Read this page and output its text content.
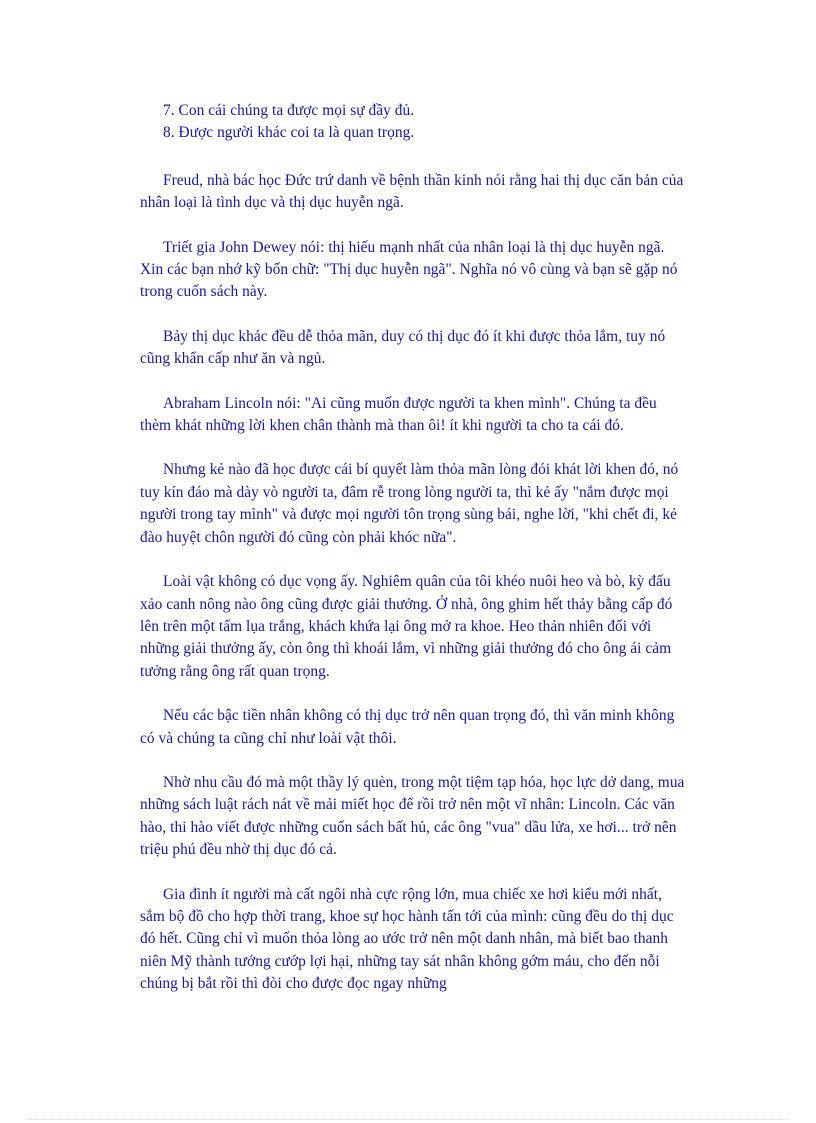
7. Con cái chúng ta được mọi sự đầy đủ.

8. Được người khác coi ta là quan trọng.

Freud, nhà bác học Đức trứ danh về bệnh thần kinh nói rằng hai thị dục căn bản của nhân loại là tình dục và thị dục huyễn ngã.

Triết gia John Dewey nói: thị hiếu mạnh nhất của nhân loại là thị dục huyễn ngã. Xin các bạn nhớ kỹ bốn chữ: "Thị dục huyễn ngã". Nghĩa nó vô cùng và bạn sẽ gặp nó trong cuốn sách này.

Bảy thị dục khác đều dễ thỏa mãn, duy có thị dục đó ít khi được thỏa lắm, tuy nó cũng khẩn cấp như ăn và ngủ.

Abraham Lincoln nói: "Ai cũng muốn được người ta khen mình". Chúng ta đều thèm khát những lời khen chân thành mà than ôi! ít khi người ta cho ta cái đó.

Nhưng kẻ nào đã học được cái bí quyết làm thỏa mãn lòng đói khát lời khen đó, nó tuy kín đáo mà dày vò người ta, đâm rễ trong lòng người ta, thì kẻ ấy "nắm được mọi người trong tay mình" và được mọi người tôn trọng sùng bái, nghe lời, "khi chết đi, kẻ đào huyệt chôn người đó cũng còn phải khóc nữa".

Loài vật không có dục vọng ấy. Nghiêm quân của tôi khéo nuôi heo và bò, kỳ đấu xảo canh nông nào ông cũng được giải thưởng. Ở nhà, ông ghim hết thảy bằng cấp đó lên trên một tấm lụa trắng, khách khứa lại ông mở ra khoe. Heo thản nhiên đối với những giải thưởng ấy, còn ông thì khoái lắm, vì những giải thưởng đó cho ông ái cảm tưởng rằng ông rất quan trọng.

Nếu các bậc tiền nhân không có thị dục trở nên quan trọng đó, thì văn minh không có và chúng ta cũng chỉ như loài vật thôi.

Nhờ nhu cầu đó mà một thầy lý quèn, trong một tiệm tạp hóa, học lực dở dang, mua những sách luật rách nát về mải miết học để rồi trở nên một vĩ nhân: Lincoln. Các văn hào, thi hào viết được những cuốn sách bất hủ, các ông "vua" dầu lửa, xe hơi... trở nên triệu phú đều nhờ thị dục đó cả.

Gia đình ít người mà cất ngôi nhà cực rộng lớn, mua chiếc xe hơi kiểu mới nhất, sắm bộ đồ cho hợp thời trang, khoe sự học hành tấn tới của mình: cũng đều do thị dục đó hết. Cũng chỉ vì muốn thỏa lòng ao ước trở nên một danh nhân, mà biết bao thanh niên Mỹ thành tướng cướp lợi hại, những tay sát nhân không gớm máu, cho đến nỗi chúng bị bắt rồi thì đòi cho được đọc ngay những
